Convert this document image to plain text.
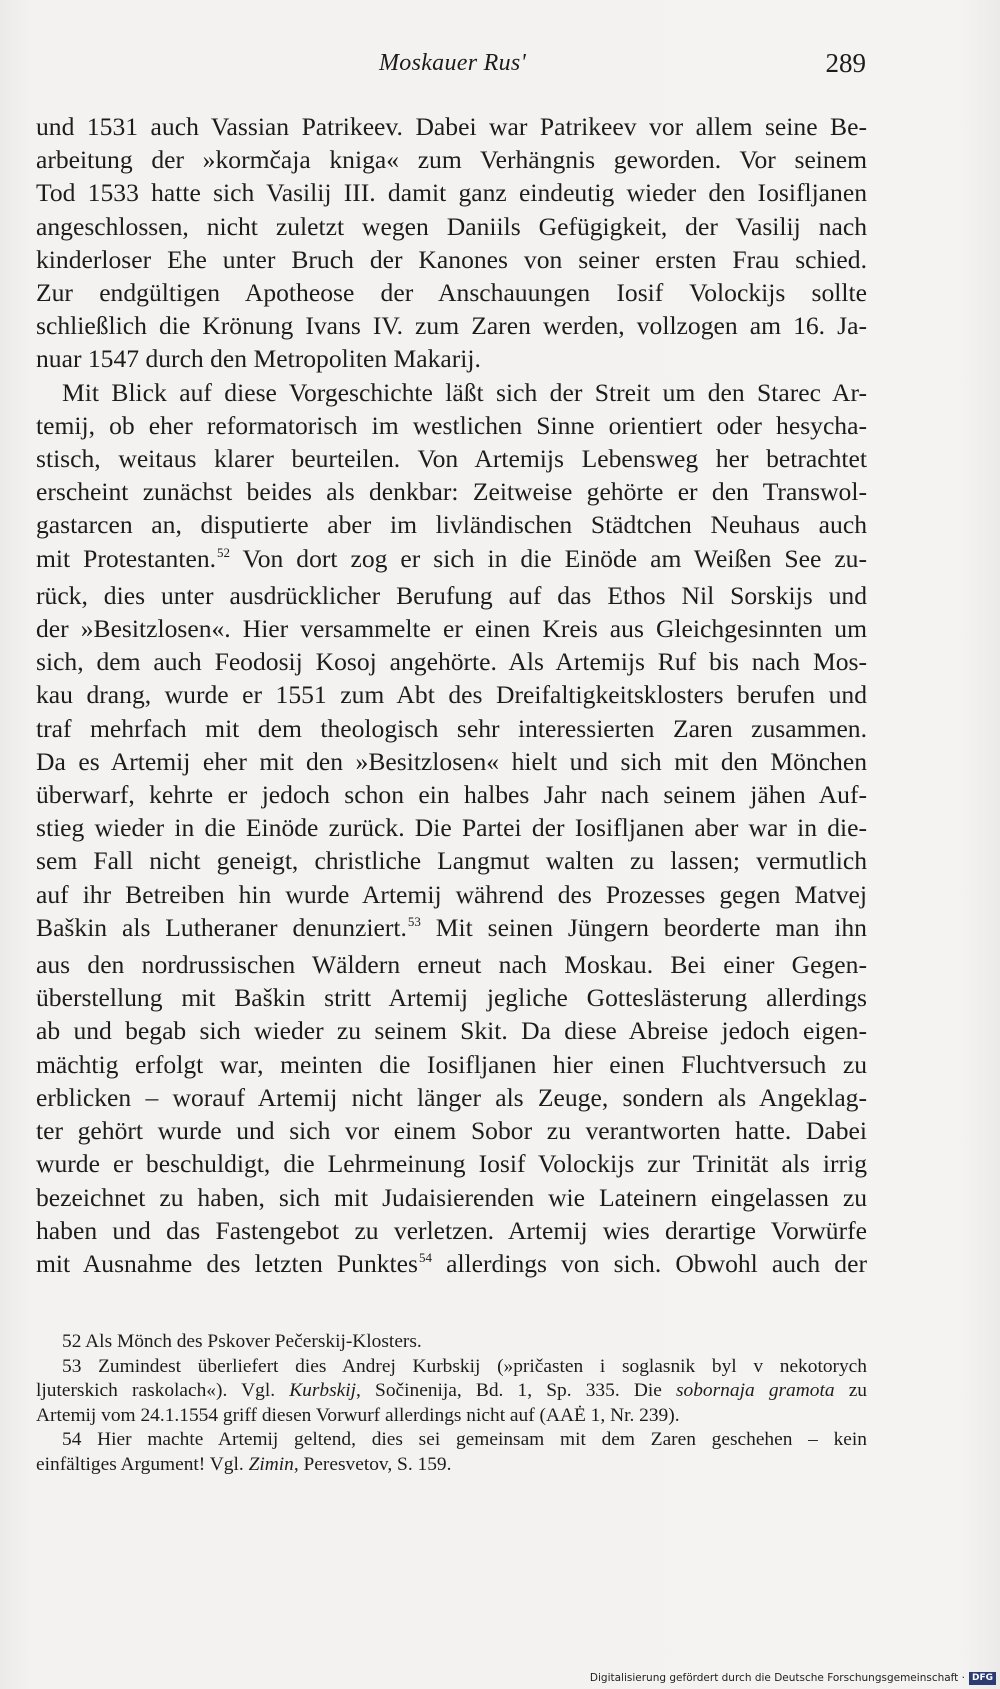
Moskauer Rus'	289
und 1531 auch Vassian Patrikeev. Dabei war Patrikeev vor allem seine Be-
arbeitung der »kormčaja kniga« zum Verhängnis geworden. Vor seinem
Tod 1533 hatte sich Vasilij III. damit ganz eindeutig wieder den Iosifljanen
angeschlossen, nicht zuletzt wegen Daniils Gefügigkeit, der Vasilij nach
kinderloser Ehe unter Bruch der Kanones von seiner ersten Frau schied.
Zur endgültigen Apotheose der Anschauungen Iosif Volockijs sollte
schließlich die Krönung Ivans IV. zum Zaren werden, vollzogen am 16. Ja-
nuar 1547 durch den Metropoliten Makarij.
Mit Blick auf diese Vorgeschichte läßt sich der Streit um den Starec Ar-
temij, ob eher reformatorisch im westlichen Sinne orientiert oder hesycha-
stisch, weitaus klarer beurteilen. Von Artemijs Lebensweg her betrachtet
erscheint zunächst beides als denkbar: Zeitweise gehörte er den Transwol-
gastarcen an, disputierte aber im livländischen Städtchen Neuhaus auch
mit Protestanten.$^{52}$ Von dort zog er sich in die Einöde am Weißen See zu-
rück, dies unter ausdrücklicher Berufung auf das Ethos Nil Sorskijs und
der »Besitzlosen«. Hier versammelte er einen Kreis aus Gleichgesinnten um
sich, dem auch Feodosij Kosoj angehörte. Als Artemijs Ruf bis nach Mos-
kau drang, wurde er 1551 zum Abt des Dreifaltigkeitsklosters berufen und
traf mehrfach mit dem theologisch sehr interessierten Zaren zusammen.
Da es Artemij eher mit den »Besitzlosen« hielt und sich mit den Mönchen
überwarf, kehrte er jedoch schon ein halbes Jahr nach seinem jähen Auf-
stieg wieder in die Einöde zurück. Die Partei der Iosifljanen aber war in die-
sem Fall nicht geneigt, christliche Langmut walten zu lassen; vermutlich
auf ihr Betreiben hin wurde Artemij während des Prozesses gegen Matvej
Baškin als Lutheraner denunziert.$^{53}$ Mit seinen Jüngern beorderte man ihn
aus den nordrussischen Wäldern erneut nach Moskau. Bei einer Gegen-
überstellung mit Baškin stritt Artemij jegliche Gotteslästerung allerdings
ab und begab sich wieder zu seinem Skit. Da diese Abreise jedoch eigen-
mächtig erfolgt war, meinten die Iosifljanen hier einen Fluchtversuch zu
erblicken – worauf Artemij nicht länger als Zeuge, sondern als Angeklag-
ter gehört wurde und sich vor einem Sobor zu verantworten hatte. Dabei
wurde er beschuldigt, die Lehrmeinung Iosif Volockijs zur Trinität als irrig
bezeichnet zu haben, sich mit Judaisierenden wie Lateinern eingelassen zu
haben und das Fastengebot zu verletzen. Artemij wies derartige Vorwürfe
mit Ausnahme des letzten Punktes$^{54}$ allerdings von sich. Obwohl auch der
52 Als Mönch des Pskover Pečerskij-Klosters.
53 Zumindest überliefert dies Andrej Kurbskij (»pričasten i soglasnik byl v nekotorych
ljuterskich raskolach«). Vgl. Kurbskij, Sočinenija, Bd. 1, Sp. 335. Die sobornaja gramota zu
Artemij vom 24.1.1554 griff diesen Vorwurf allerdings nicht auf (AAĖ 1, Nr. 239).
54 Hier machte Artemij geltend, dies sei gemeinsam mit dem Zaren geschehen – kein
einfältiges Argument! Vgl. Zimin, Peresvetov, S. 159.
Digitalisierung gefördert durch die Deutsche Forschungsgemeinschaft · DFG
